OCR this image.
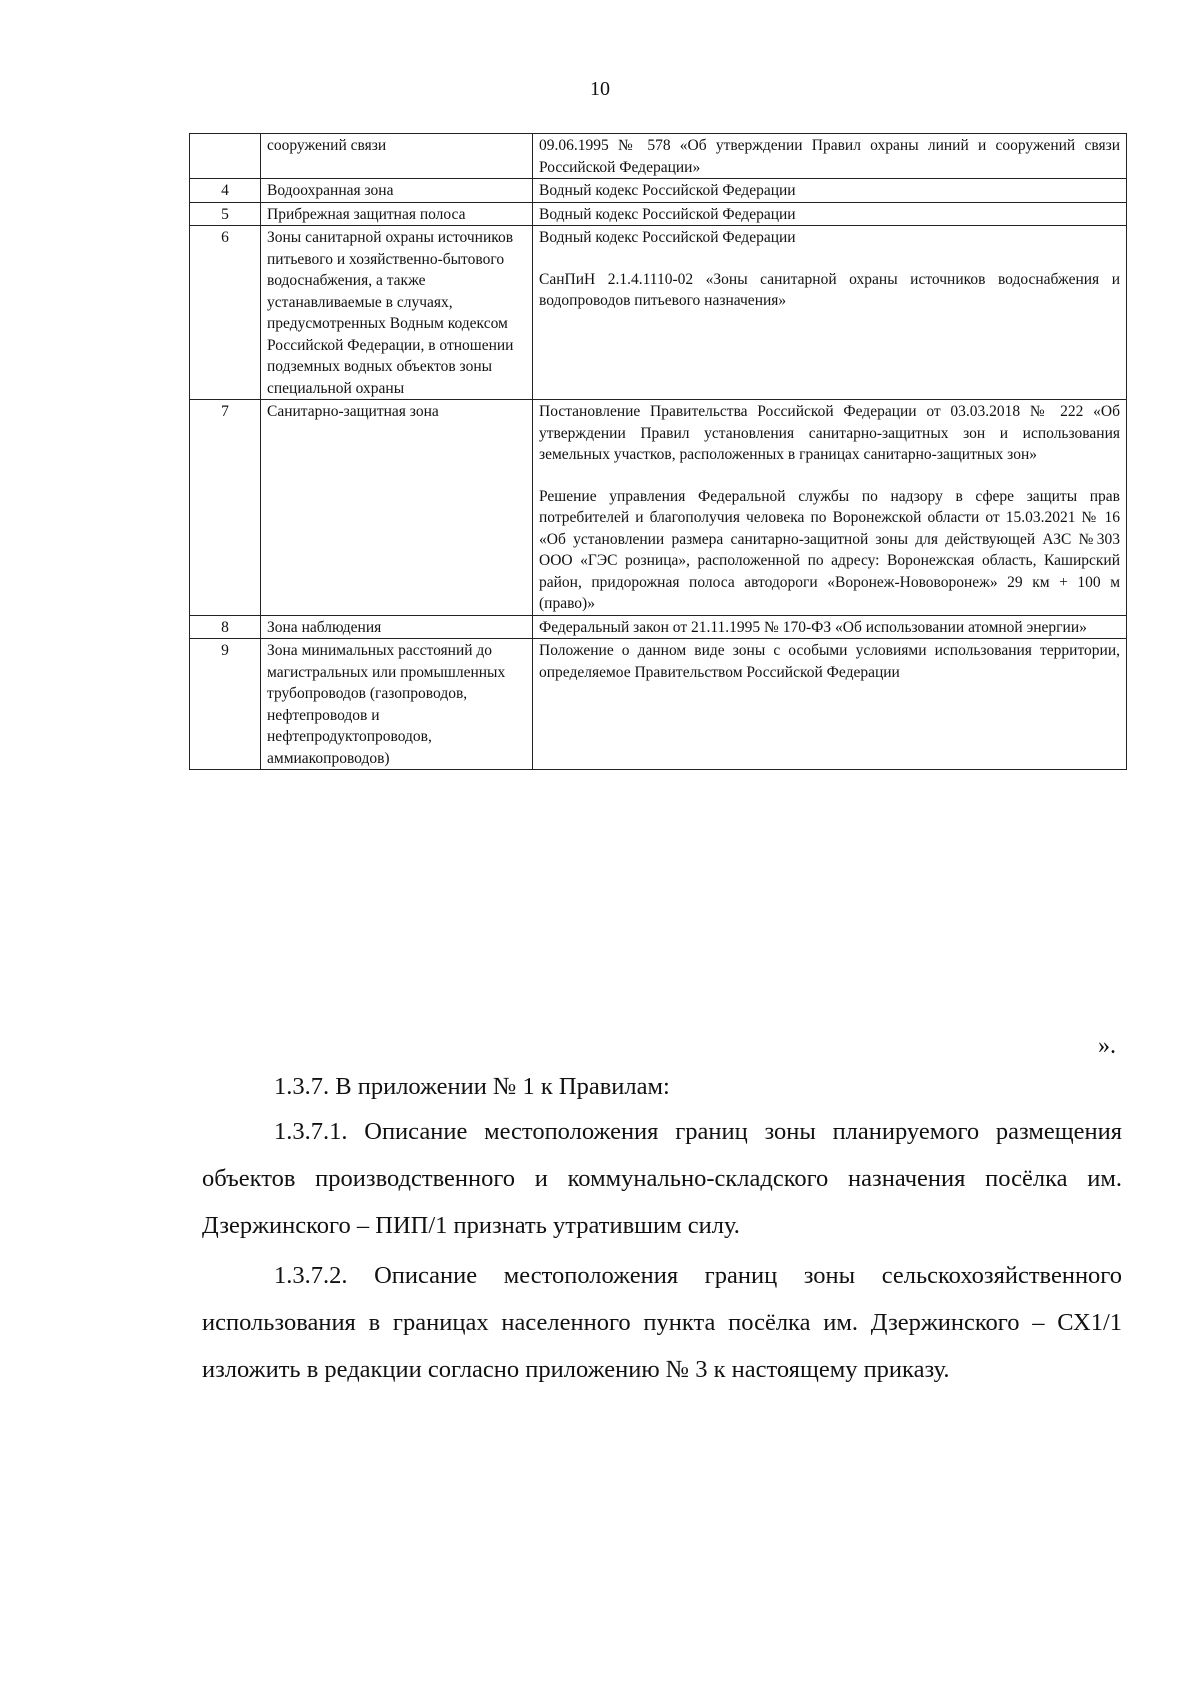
10
	сооружений связи	09.06.1995 № 578 «Об утверждении Правил охраны линий и сооружений связи Российской Федерации»

4	Водоохранная зона	Водный кодекс Российской Федерации

5	Прибрежная защитная полоса	Водный кодекс Российской Федерации

6	Зоны санитарной охраны источников питьевого и хозяйственно-бытового водоснабжения, а также устанавливаемые в случаях, предусмотренных Водным кодексом Российской Федерации, в отношении подземных водных объектов зоны специальной охраны	Водный кодекс Российской Федерации
СанПиН 2.1.4.1110-02 «Зоны санитарной охраны источников водоснабжения и водопроводов питьевого назначения»

7	Санитарно-защитная зона	Постановление Правительства Российской Федерации от 03.03.2018 № 222 «Об утверждении Правил установления санитарно-защитных зон и использования земельных участков, расположенных в границах санитарно-защитных зон»
Решение управления Федеральной службы по надзору в сфере защиты прав потребителей и благополучия человека по Воронежской области от 15.03.2021 № 16 «Об установлении размера санитарно-защитной зоны для действующей АЗС №303 ООО «ГЭС розница», расположенной по адресу: Воронежская область, Каширский район, придорожная полоса автодороги «Воронеж-Нововоронеж» 29 км + 100 м (право)»

8	Зона наблюдения	Федеральный закон от 21.11.1995 № 170-ФЗ «Об использовании атомной энергии»

9	Зона минимальных расстояний до магистральных или промышленных трубопроводов (газопроводов, нефтепроводов и нефтепродуктопроводов, аммиакопроводов)	Положение о данном виде зоны с особыми условиями использования территории, определяемое Правительством Российской Федерации
».
1.3.7. В приложении № 1 к Правилам:
1.3.7.1. Описание местоположения границ зоны планируемого размещения объектов производственного и коммунально-складского назначения посёлка им. Дзержинского – ПИП/1 признать утратившим силу.
1.3.7.2. Описание местоположения границ зоны сельскохозяйственного использования в границах населенного пункта посёлка им. Дзержинского – СХ1/1 изложить в редакции согласно приложению № 3 к настоящему приказу.
